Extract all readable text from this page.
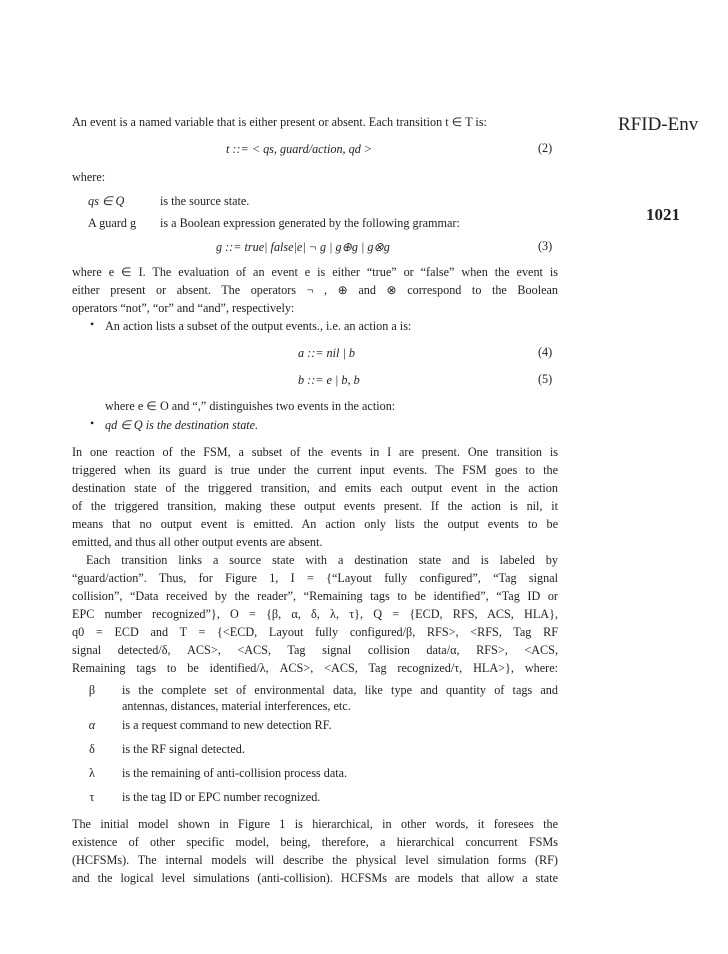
RFID-Env
1021
An event is a named variable that is either present or absent. Each transition t ∈ T is:
t ::= < qs, guard/action, qd >	(2)
where:
qs ∈ Q	is the source state.
A guard g is a Boolean expression generated by the following grammar:
g ::= true| false|e| ¬ g | g⊕g | g⊗g	(3)
where e ∈ I. The evaluation of an event e is either “true” or “false” when the event is
either present or absent. The operators ¬ , ⊕ and ⊗ correspond to the Boolean
operators “not”, “or” and “and”, respectively:
• An action lists a subset of the output events., i.e. an action a is:
a ::= nil | b	(4)
b ::= e | b, b	(5)
where e ∈ O and “,” distinguishes two events in the action:
• qd ∈ Q is the destination state.
In one reaction of the FSM, a subset of the events in I are present. One transition is
triggered when its guard is true under the current input events. The FSM goes to the
destination state of the triggered transition, and emits each output event in the action
of the triggered transition, making these output events present. If the action is nil, it
means that no output event is emitted. An action only lists the output events to be
emitted, and thus all other output events are absent.
Each transition links a source state with a destination state and is labeled by
“guard/action”. Thus, for Figure 1, I = {“Layout fully configured”, “Tag signal
collision”, “Data received by the reader”, “Remaining tags to be identified”, “Tag ID or
EPC number recognized”}, O = {β, α, δ, λ, τ}, Q = {ECD, RFS, ACS, HLA},
q0 = ECD and T = {<ECD, Layout fully configured/β, RFS>, <RFS, Tag RF
signal detected/δ, ACS>, <ACS, Tag signal collision data/α, RFS>, <ACS,
Remaining tags to be identified/λ, ACS>, <ACS, Tag recognized/τ, HLA>}, where:
β	is the complete set of environmental data, like type and quantity of tags and
antennas, distances, material interferences, etc.
α	is a request command to new detection RF.
δ	is the RF signal detected.
λ	is the remaining of anti-collision process data.
τ	is the tag ID or EPC number recognized.
The initial model shown in Figure 1 is hierarchical, in other words, it foresees the
existence of other specific model, being, therefore, a hierarchical concurrent FSMs
(HCFSMs). The internal models will describe the physical level simulation forms (RF)
and the logical level simulations (anti-collision). HCFSMs are models that allow a state
